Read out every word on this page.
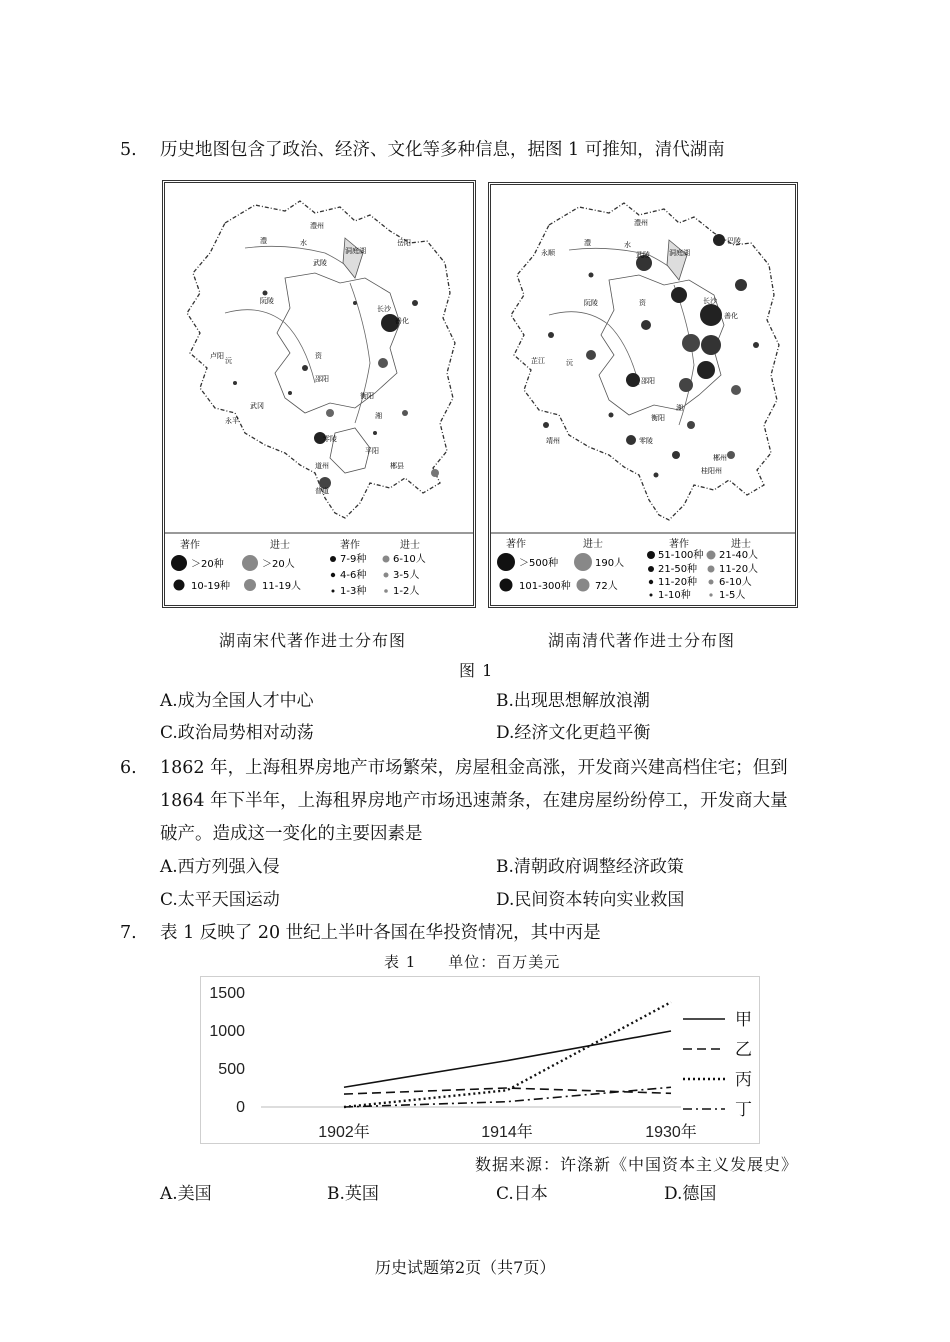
5. 历史地图包含了政治、经济、文化等多种信息，据图 1 可推知，清代湖南
澧州
岳阳
武陵
澧	水
洞庭湖
阮陵
沅
长沙
善化
卢阳	资
邵阳
衡阳
湘
武冈
永平
零陵
道州
平阳
郴县
普道
著作	进士	著作	进士
＞20种	＞20人	7-9种	6-10人
10-19种	11-19人
4-6种	3-5人
1-3种	1-2人
澧州
巴陵
永顺	武陵
澧	水
洞庭湖
阮陵
沅
长沙
善化
芷江
资
邵阳
衡阳
湘
靖州	零陵
郴州
桂阳州
著作	进士	著作	进士
＞500种	190人
51-100种 21-40人
101-300种 72人
21-50种 11-20人
11-20种 6-10人
1-10种	1-5人
湖南宋代著作进士分布图	湖南清代著作进士分布图
图 1
A.成为全国人才中心	B.出现思想解放浪潮
C.政治局势相对动荡	D.经济文化更趋平衡
6. 1862 年，上海租界房地产市场繁荣，房屋租金高涨，开发商兴建高档住宅；但到
1864 年下半年，上海租界房地产市场迅速萧条，在建房屋纷纷停工，开发商大量
破产。造成这一变化的主要因素是
A.西方列强入侵	B.清朝政府调整经济政策
C.太平天国运动	D.民间资本转向实业救国
7. 表 1 反映了 20 世纪上半叶各国在华投资情况，其中丙是
表 1　　单位：百万美元
1500
1000
500
0
1902年	1914年	1930年
甲
乙
丙
丁
数据来源：许涤新《中国资本主义发展史》
A.美国	B.英国	C.日本	D.德国
历史试题第2页（共7页）
